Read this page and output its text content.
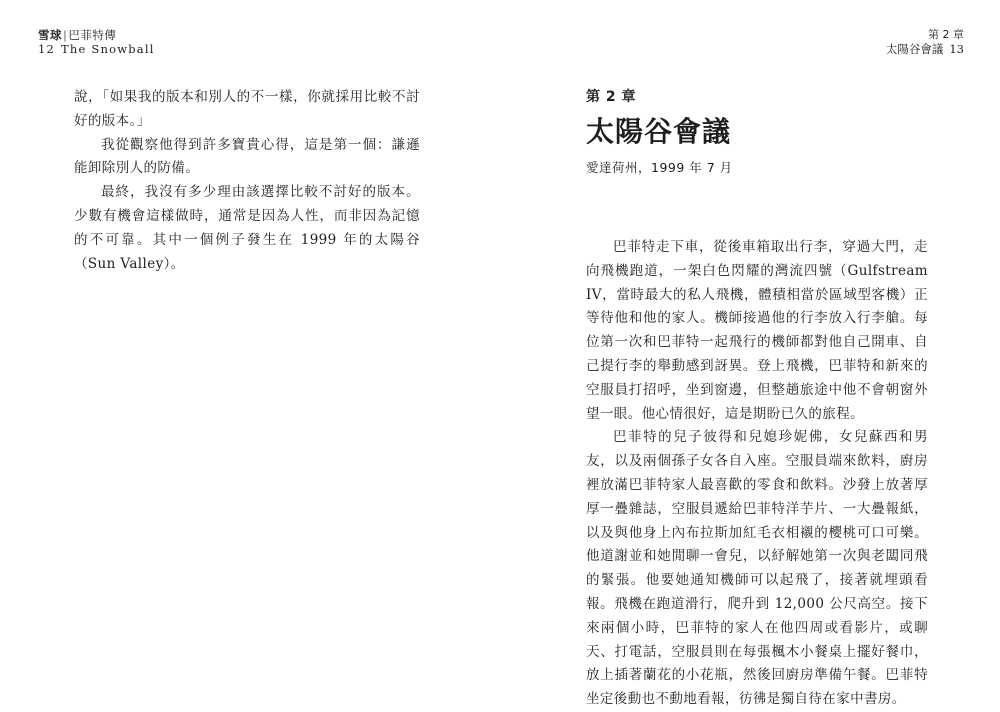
雪球|巴菲特傳
12 The Snowball

說，「如果我的版本和別人的不一樣，你就採用比較不討好的版本。」

我從觀察他得到許多寶貴心得，這是第一個：謙遜能卸除別人的防備。

最終，我沒有多少理由該選擇比較不討好的版本。少數有機會這樣做時，通常是因為人性，而非因為記憶的不可靠。其中一個例子發生在 1999 年的太陽谷（Sun Valley）。

第 2 章
太陽谷會議 13
第 2 章
太陽谷會議
愛達荷州，1999 年 7 月

巴菲特走下車，從後車箱取出行李，穿過大門，走向飛機跑道，一架白色閃耀的灣流四號（Gulfstream IV，當時最大的私人飛機，體積相當於區域型客機）正等待他和他的家人。機師接過他的行李放入行李艙。每位第一次和巴菲特一起飛行的機師都對他自己開車、自己提行李的舉動感到訝異。登上飛機，巴菲特和新來的空服員打招呼，坐到窗邊，但整趟旅途中他不會朝窗外望一眼。他心情很好，這是期盼已久的旅程。

巴菲特的兒子彼得和兒媳珍妮佛，女兒蘇西和男友，以及兩個孫子女各自入座。空服員端來飲料，廚房裡放滿巴菲特家人最喜歡的零食和飲料。沙發上放著厚厚一疊雜誌，空服員遞給巴菲特洋芋片、一大疊報紙，以及與他身上內布拉斯加紅毛衣相襯的櫻桃可口可樂。他道謝並和她閒聊一會兒，以紓解她第一次與老闆同飛的緊張。他要她通知機師可以起飛了，接著就埋頭看報。飛機在跑道滑行，爬升到 12,000 公尺高空。接下來兩個小時，巴菲特的家人在他四周或看影片，或聊天、打電話，空服員則在每張楓木小餐桌上擺好餐巾，放上插著蘭花的小花瓶，然後回廚房準備午餐。巴菲特坐定後動也不動地看報，彷彿是獨自待在家中書房。
